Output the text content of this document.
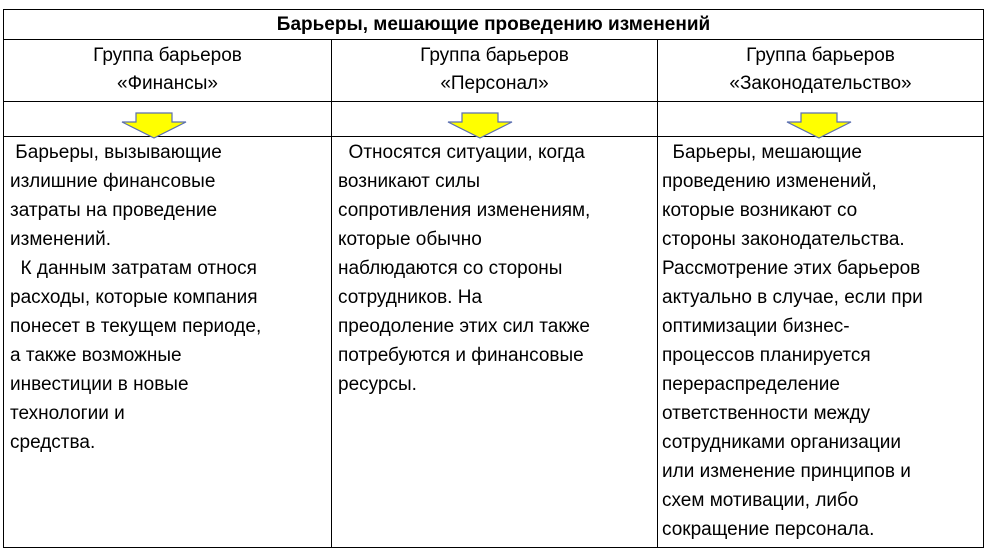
Барьеры, мешающие проведению изменений
Группа барьеров
«Финансы»
Барьеры, вызывающие
излишние финансовые
затраты на проведение
изменений.
К данным затратам относя
расходы, которые компания
понесет в текущем периоде,
а также возможные
инвестиции в новые
технологии и
средства.
Группа барьеров
«Персонал»
Относятся ситуации, когда
возникают силы
сопротивления изменениям,
которые обычно
наблюдаются со стороны
сотрудников. На
преодоление этих сил также
потребуются и финансовые
ресурсы.
Группа барьеров
«Законодательство»
Барьеры, мешающие
проведению изменений,
которые возникают со
стороны законодательства.
Рассмотрение этих барьеров
актуально в случае, если при
оптимизации бизнес-
процессов планируется
перераспределение
ответственности между
сотрудниками организации
или изменение принципов и
схем мотивации, либо
сокращение персонала.
